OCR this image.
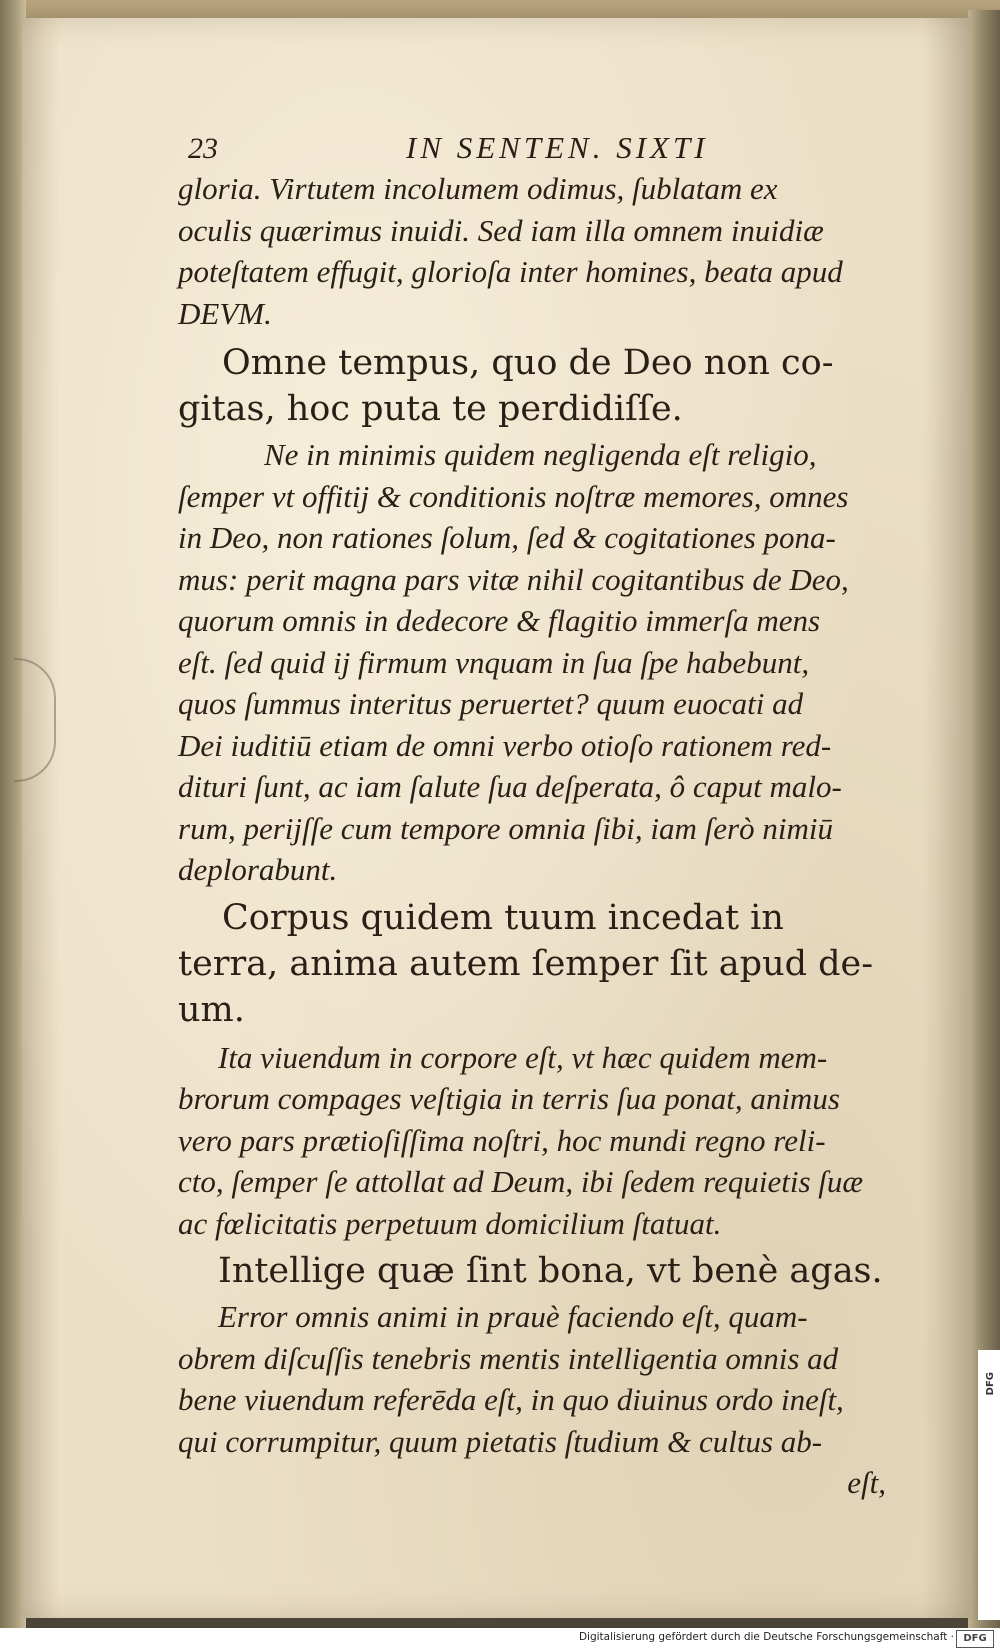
23	IN SENTEN. SIXTI

gloria. Virtutem incolumem odimus, ſublatam ex
oculis quærimus inuidi. Sed iam illa omnem inuidiæ
poteſtatem effugit, glorioſa inter homines, beata apud
DEVM.

Omne tempus, quo de Deo non co-
gitas, hoc puta te perdidiſſe.

Ne in minimis quidem negligenda eſt religio,
ſemper vt offitij & conditionis noſtræ memores, omnes
in Deo, non rationes ſolum, ſed & cogitationes pona-
mus: perit magna pars vitæ nihil cogitantibus de Deo,
quorum omnis in dedecore & flagitio immerſa mens
eſt. ſed quid ij firmum vnquam in ſua ſpe habebunt,
quos ſummus interitus peruertet? quum euocati ad
Dei iuditiū etiam de omni verbo otioſo rationem red-
dituri ſunt, ac iam ſalute ſua deſperata, ô caput malo-
rum, perijſſe cum tempore omnia ſibi, iam ſerò nimiū
deplorabunt.

Corpus quidem tuum incedat in
terra, anima autem ſemper ſit apud de-
um.

Ita viuendum in corpore eſt, vt hæc quidem mem-
brorum compages veſtigia in terris ſua ponat, animus
vero pars prætioſiſſima noſtri, hoc mundi regno reli-
cto, ſemper ſe attollat ad Deum, ibi ſedem requietis ſuæ
ac fœlicitatis perpetuum domicilium ſtatuat.

Intellige quæ ſint bona, vt benè agas.

Error omnis animi in prauè faciendo eſt, quam-
obrem diſcuſſis tenebris mentis intelligentia omnis ad
bene viuendum referēda eſt, in quo diuinus ordo ineſt,
qui corrumpitur, quum pietatis ſtudium & cultus ab-

eſt,

DFG
Digitalisierung gefördert durch die Deutsche Forschungsgemeinschaft · DFG
